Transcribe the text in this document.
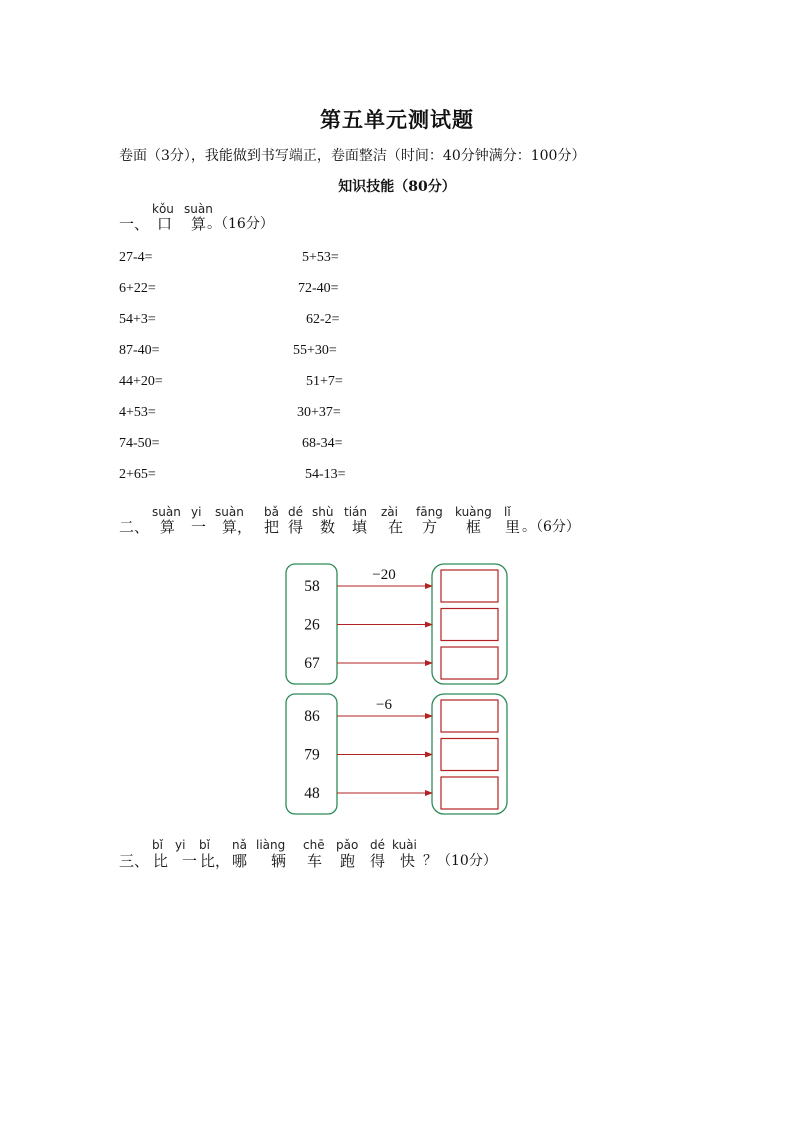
第五单元测试题
卷面（3分），我能做到书写端正，卷面整洁（时间：40分钟满分：100分）
知识技能（80分）
一、
kǒu suàn
口 算 。（16分）
27-4=	5+53=
6+22=	72-40=
54+3=	62-2=
87-40=	55+30=
44+20=	51+7=
4+53=	30+37=
74-50=	68-34=
2+65=	54-13=
二、
suàn yi suàn bǎ dé shù tián zài fāng kuàng lǐ
算 一 算， 把 得 数 填 在 方 框 里 。（6分）
−20
58
26
67
−6
86
79
48
三、
bǐ yi bǐ nǎ liàng chē pǎo dé kuài
比 一 比， 哪 辆 车 跑 得 快 ？（10分）
